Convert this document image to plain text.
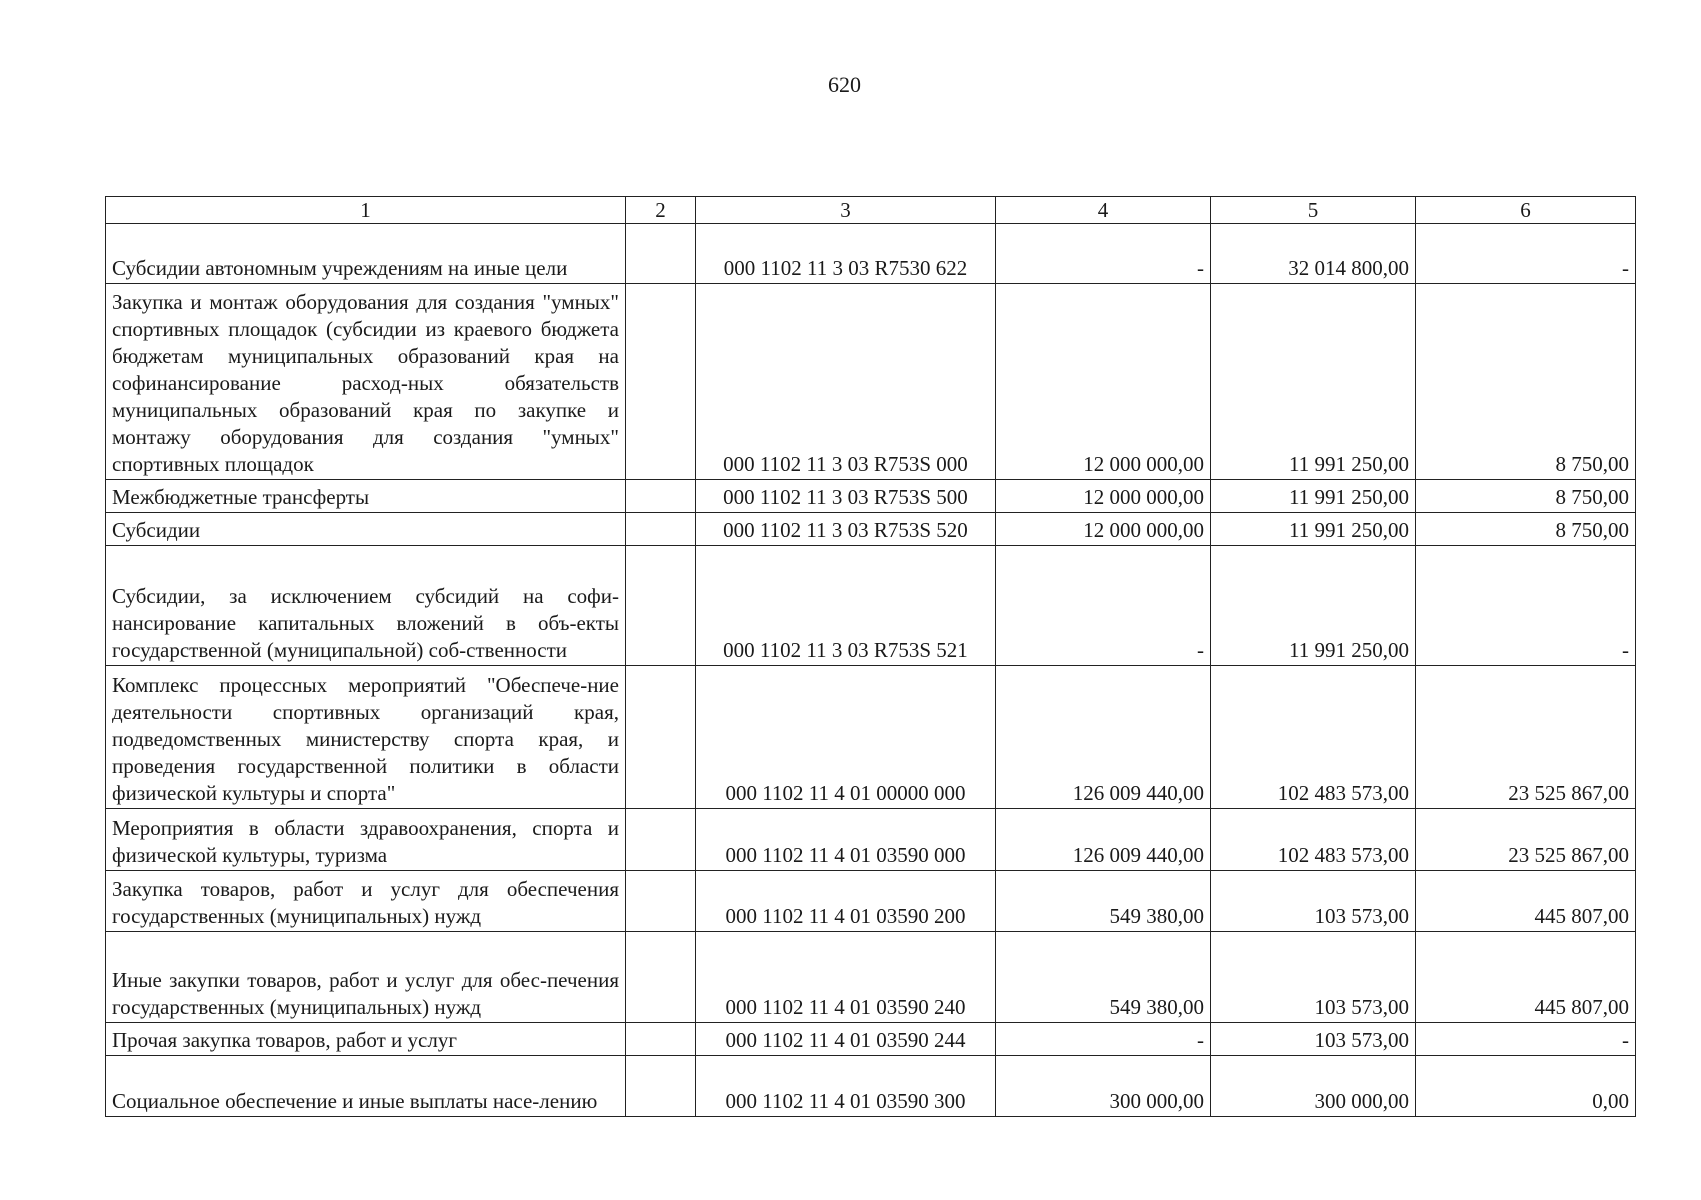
620
1	2	3	4	5	6
Субсидии автономным учреждениям на иные цели		000 1102 11 3 03 R7530 622	-	32 014 800,00	-
Закупка и монтаж оборудования для создания "умных" спортивных площадок (субсидии из краевого бюджета бюджетам муниципальных образований края на софинансирование расход-ных обязательств муниципальных образований края по закупке и монтажу оборудования для создания "умных" спортивных площадок		000 1102 11 3 03 R753S 000	12 000 000,00	11 991 250,00	8 750,00
Межбюджетные трансферты		000 1102 11 3 03 R753S 500	12 000 000,00	11 991 250,00	8 750,00
Субсидии		000 1102 11 3 03 R753S 520	12 000 000,00	11 991 250,00	8 750,00
Субсидии, за исключением субсидий на софи-нансирование капитальных вложений в объ-екты государственной (муниципальной) соб-ственности		000 1102 11 3 03 R753S 521	-	11 991 250,00	-
Комплекс процессных мероприятий "Обеспече-ние деятельности спортивных организаций края, подведомственных министерству спорта края, и проведения государственной политики в области физической культуры и спорта"		000 1102 11 4 01 00000 000	126 009 440,00	102 483 573,00	23 525 867,00
Мероприятия в области здравоохранения, спорта и физической культуры, туризма		000 1102 11 4 01 03590 000	126 009 440,00	102 483 573,00	23 525 867,00
Закупка товаров, работ и услуг для обеспечения государственных (муниципальных) нужд		000 1102 11 4 01 03590 200	549 380,00	103 573,00	445 807,00
Иные закупки товаров, работ и услуг для обес-печения государственных (муниципальных) нужд		000 1102 11 4 01 03590 240	549 380,00	103 573,00	445 807,00
Прочая закупка товаров, работ и услуг		000 1102 11 4 01 03590 244	-	103 573,00	-
Социальное обеспечение и иные выплаты насе-лению		000 1102 11 4 01 03590 300	300 000,00	300 000,00	0,00
